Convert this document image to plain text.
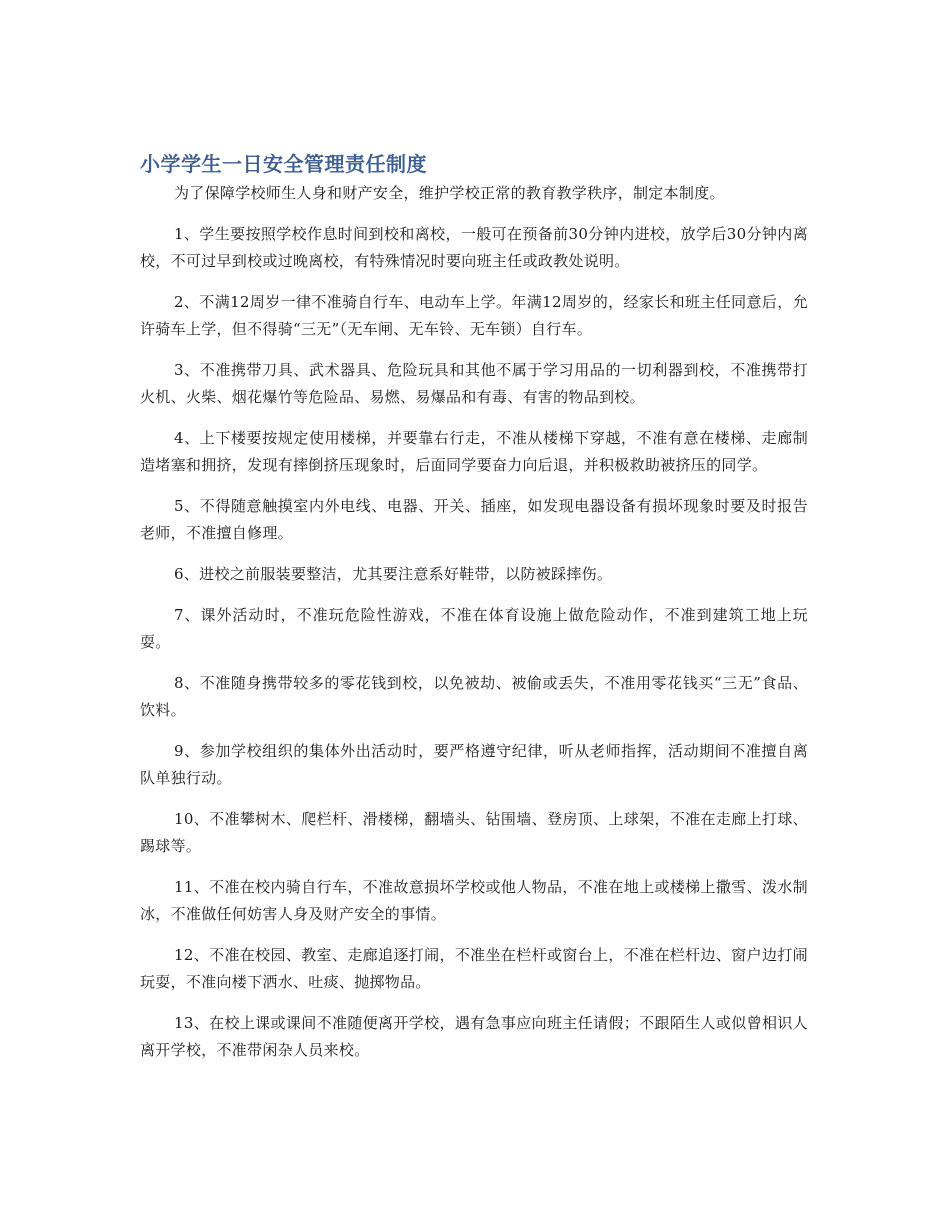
小学学生一日安全管理责任制度

为了保障学校师生人身和财产安全，维护学校正常的教育教学秩序，制定本制度。

1、学生要按照学校作息时间到校和离校，一般可在预备前30分钟内进校，放学后30分钟内离校，不可过早到校或过晚离校，有特殊情况时要向班主任或政教处说明。

2、不满12周岁一律不准骑自行车、电动车上学。年满12周岁的，经家长和班主任同意后，允许骑车上学，但不得骑“三无”（无车闸、无车铃、无车锁）自行车。

3、不准携带刀具、武术器具、危险玩具和其他不属于学习用品的一切利器到校，不准携带打火机、火柴、烟花爆竹等危险品、易燃、易爆品和有毒、有害的物品到校。

4、上下楼要按规定使用楼梯，并要靠右行走，不准从楼梯下穿越，不准有意在楼梯、走廊制造堵塞和拥挤，发现有摔倒挤压现象时，后面同学要奋力向后退，并积极救助被挤压的同学。

5、不得随意触摸室内外电线、电器、开关、插座，如发现电器设备有损坏现象时要及时报告老师，不准擅自修理。

6、进校之前服装要整洁，尤其要注意系好鞋带，以防被踩摔伤。

7、课外活动时，不准玩危险性游戏，不准在体育设施上做危险动作，不准到建筑工地上玩耍。

8、不准随身携带较多的零花钱到校，以免被劫、被偷或丢失，不准用零花钱买“三无”食品、饮料。

9、参加学校组织的集体外出活动时，要严格遵守纪律，听从老师指挥，活动期间不准擅自离队单独行动。

10、不准攀树木、爬栏杆、滑楼梯，翻墙头、钻围墙、登房顶、上球架，不准在走廊上打球、踢球等。

11、不准在校内骑自行车，不准故意损坏学校或他人物品，不准在地上或楼梯上撒雪、泼水制冰，不准做任何妨害人身及财产安全的事情。

12、不准在校园、教室、走廊追逐打闹，不准坐在栏杆或窗台上，不准在栏杆边、窗户边打闹玩耍，不准向楼下洒水、吐痰、抛掷物品。

13、在校上课或课间不准随便离开学校，遇有急事应向班主任请假；不跟陌生人或似曾相识人离开学校，不准带闲杂人员来校。
